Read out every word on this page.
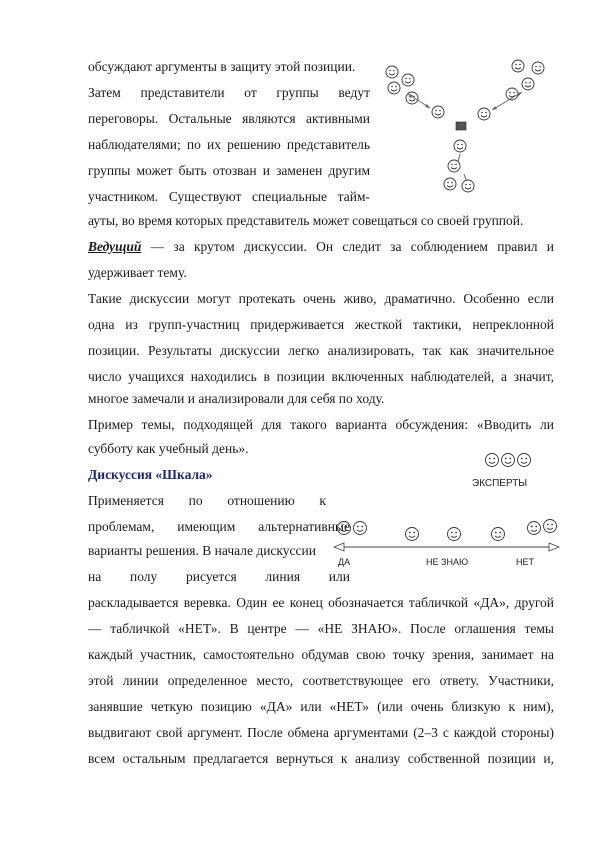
обсуждают аргументы в защиту этой позиции.
Затем представители от группы ведут
переговоры. Остальные являются активными
наблюдателями; по их решению представитель
группы может быть отозван и заменен другим
участником. Существуют специальные тайм-
ауты, во время которых представитель может совещаться со своей группой.
Ведущий — за крутом дискуссии. Он следит за соблюдением правил и
удерживает тему.
Такие дискуссии могут протекать очень живо, драматично. Особенно если
одна из групп-участниц придерживается жесткой тактики, непреклонной
позиции. Результаты дискуссии легко анализировать, так как значительное
число учащихся находились в позиции включенных наблюдателей, а значит,
многое замечали и анализировали для себя по ходу.
Пример темы, подходящей для такого варианта обсуждения: «Вводить ли
субботу как учебный день».
Дискуссия «Шкала»
Применяется по отношению к
проблемам, имеющим альтернативные
варианты решения. В начале дискуссии
на полу рисуется линия или
раскладывается веревка. Один ее конец обозначается табличкой «ДА», другой
— табличкой «НЕТ». В центре — «НЕ ЗНАЮ». После оглашения темы
каждый участник, самостоятельно обдумав свою точку зрения, занимает на
этой линии определенное место, соответствующее его ответу. Участники,
занявшие четкую позицию «ДА» или «НЕТ» (или очень близкую к ним),
выдвигают свой аргумент. После обмена аргументами (2–3 с каждой стороны)
всем остальным предлагается вернуться к анализу собственной позиции и,
ЭКСПЕРТЫ
ДА	НЕ ЗНАЮ	НЕТ
